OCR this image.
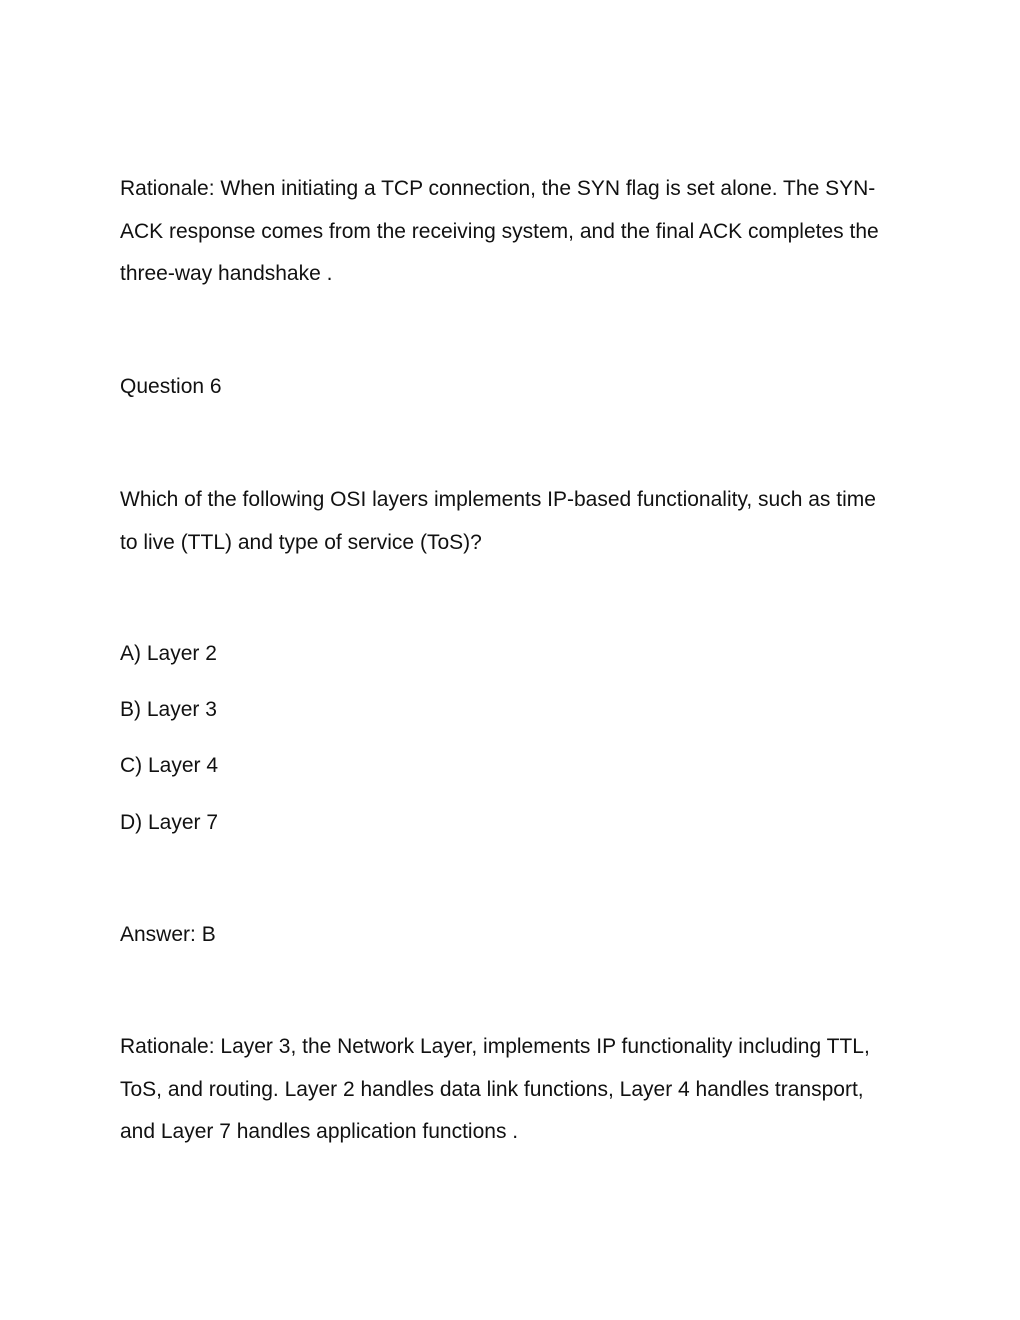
Rationale: When initiating a TCP connection, the SYN flag is set alone. The SYN-
ACK response comes from the receiving system, and the final ACK completes the
three-way handshake .

Question 6

Which of the following OSI layers implements IP-based functionality, such as time
to live (TTL) and type of service (ToS)?

A) Layer 2

B) Layer 3

C) Layer 4

D) Layer 7

Answer: B

Rationale: Layer 3, the Network Layer, implements IP functionality including TTL,
ToS, and routing. Layer 2 handles data link functions, Layer 4 handles transport,
and Layer 7 handles application functions .
